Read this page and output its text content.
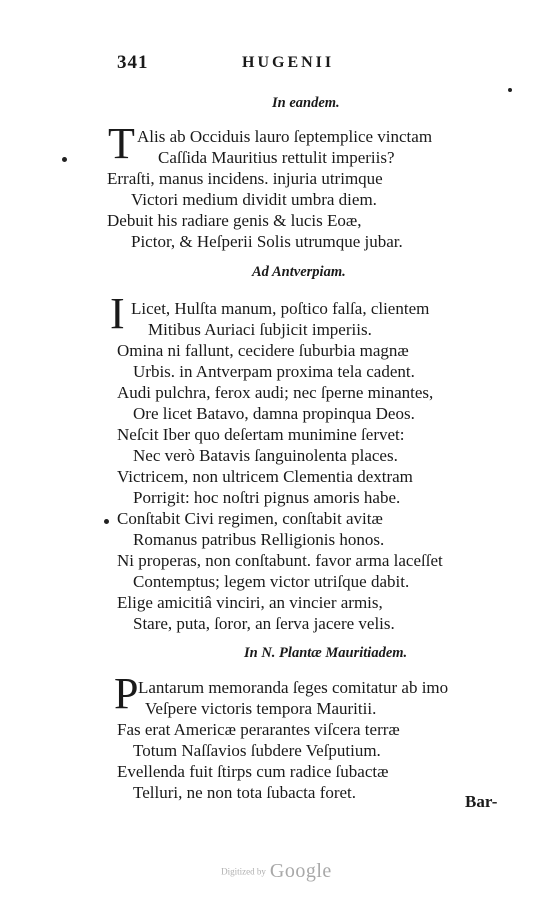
341	HUGENII
In eandem.
T Alis ab Occiduis lauro ſeptemplice vinctam
Caſſida Mauritius rettulit imperiis?
Erraſti, manus incidens. injuria utrimque
Victori medium dividit umbra diem.
Debuit his radiare genis & lucis Eoæ,
Pictor, & Heſperii Solis utrumque jubar.
Ad Antverpiam.
I Licet, Hulſta manum, poſtico falſa, clientem
Mitibus Auriaci ſubjicit imperiis.
Omina ni fallunt, cecidere ſuburbia magnæ
Urbis. in Antverpam proxima tela cadent.
Audi pulchra, ferox audi; nec ſperne minantes,
Ore licet Batavo, damna propinqua Deos.
Neſcit Iber quo deſertam munimine ſervet:
Nec verò Batavis ſanguinolenta places.
Victricem, non ultricem Clementia dextram
Porrigit: hoc noſtri pignus amoris habe.
Conſtabit Civi regimen, conſtabit avitæ
Romanus patribus Relligionis honos.
Ni properas, non conſtabunt. favor arma laceſſet
Contemptus; legem victor utriſque dabit.
Elige amicitiâ vinciri, an vincier armis,
Stare, puta, ſoror, an ſerva jacere velis.
In N. Plantæ Mauritiadem.
P Lantarum memoranda ſeges comitatur ab imo
Veſpere victoris tempora Mauritii.
Fas erat Americæ perarantes viſcera terræ
Totum Naſſavios ſubdere Veſputium.
Evellenda fuit ſtirps cum radice ſubactæ
Telluri, ne non tota ſubacta foret.	Bar-
Digitized by Google
